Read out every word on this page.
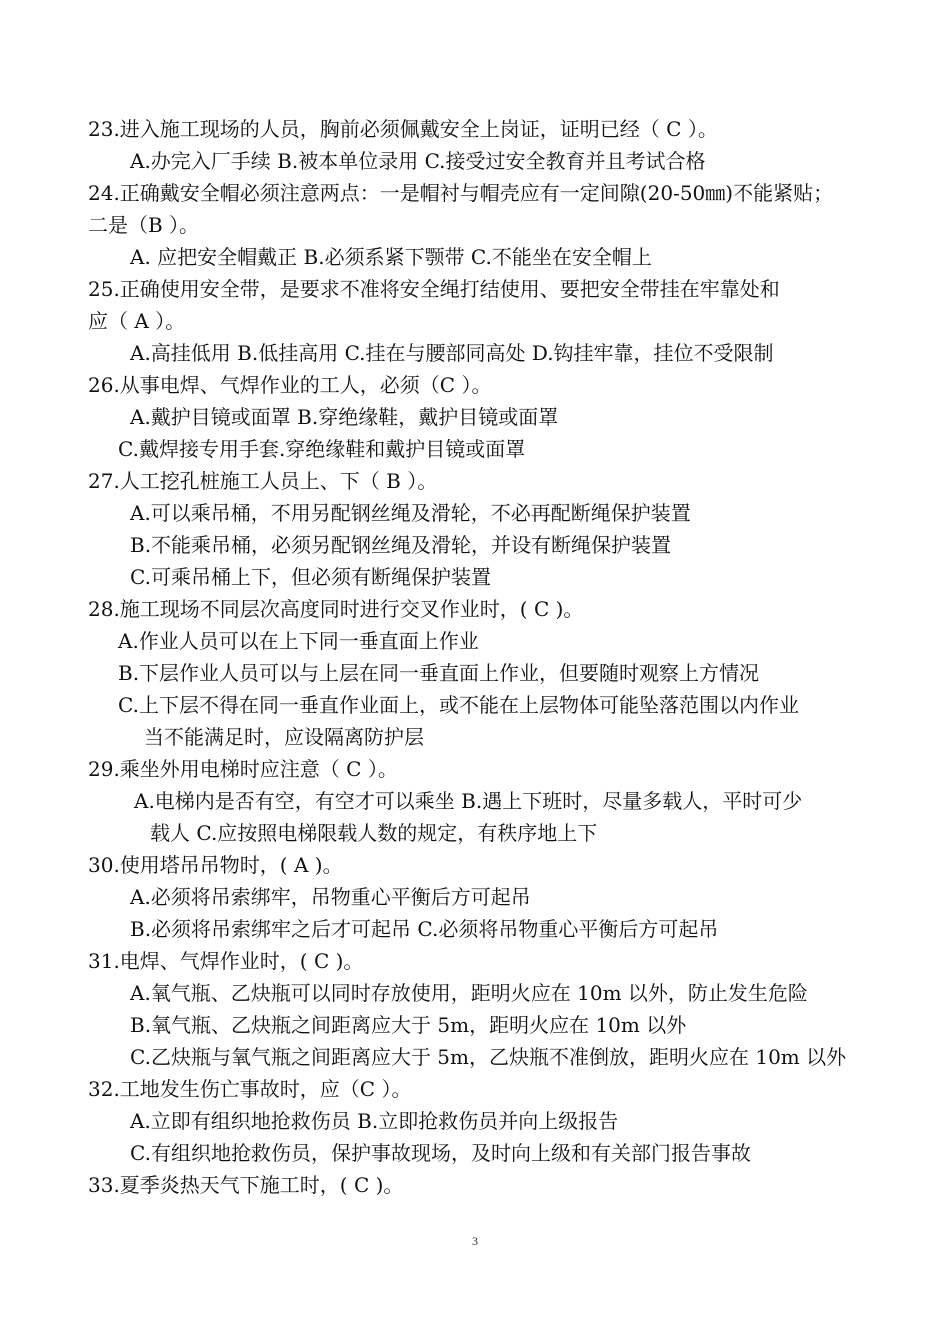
23.进入施工现场的人员，胸前必须佩戴安全上岗证，证明已经（ C ）。
A.办完入厂手续 B.被本单位录用 C.接受过安全教育并且考试合格
24.正确戴安全帽必须注意两点：一是帽衬与帽壳应有一定间隙(20-50㎜)不能紧贴；
二是（B ）。
A. 应把安全帽戴正 B.必须系紧下颚带 C.不能坐在安全帽上
25.正确使用安全带，是要求不准将安全绳打结使用、要把安全带挂在牢靠处和
应（ A ）。
A.高挂低用 B.低挂高用 C.挂在与腰部同高处 D.钩挂牢靠，挂位不受限制
26.从事电焊、气焊作业的工人，必须（C ）。
A.戴护目镜或面罩 B.穿绝缘鞋，戴护目镜或面罩
C.戴焊接专用手套.穿绝缘鞋和戴护目镜或面罩
27.人工挖孔桩施工人员上、下（ B ）。
A.可以乘吊桶，不用另配钢丝绳及滑轮，不必再配断绳保护装置
B.不能乘吊桶，必须另配钢丝绳及滑轮，并设有断绳保护装置
C.可乘吊桶上下，但必须有断绳保护装置
28.施工现场不同层次高度同时进行交叉作业时，( C )。
A.作业人员可以在上下同一垂直面上作业
B.下层作业人员可以与上层在同一垂直面上作业，但要随时观察上方情况
C.上下层不得在同一垂直作业面上，或不能在上层物体可能坠落范围以内作业
当不能满足时，应设隔离防护层
29.乘坐外用电梯时应注意（ C ）。
A.电梯内是否有空，有空才可以乘坐 B.遇上下班时，尽量多载人，平时可少
载人 C.应按照电梯限载人数的规定，有秩序地上下
30.使用塔吊吊物时，( A )。
A.必须将吊索绑牢，吊物重心平衡后方可起吊
B.必须将吊索绑牢之后才可起吊 C.必须将吊物重心平衡后方可起吊
31.电焊、气焊作业时，( C )。
A.氧气瓶、乙炔瓶可以同时存放使用，距明火应在 10m 以外，防止发生危险
B.氧气瓶、乙炔瓶之间距离应大于 5m，距明火应在 10m 以外
C.乙炔瓶与氧气瓶之间距离应大于 5m，乙炔瓶不准倒放，距明火应在 10m 以外
32.工地发生伤亡事故时，应（C ）。
A.立即有组织地抢救伤员 B.立即抢救伤员并向上级报告
C.有组织地抢救伤员，保护事故现场，及时向上级和有关部门报告事故
33.夏季炎热天气下施工时，( C )。
3
